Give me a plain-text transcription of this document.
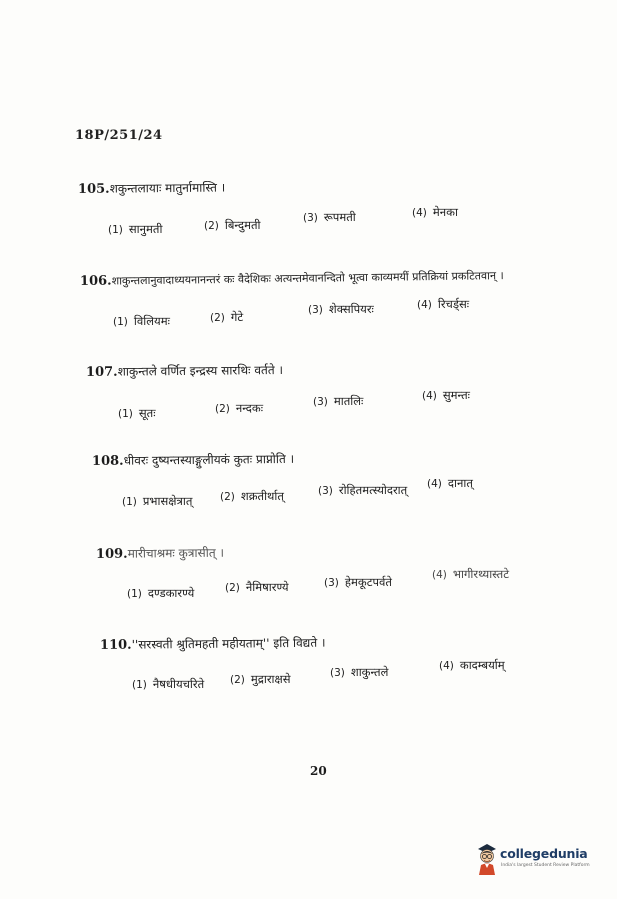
18P/251/24
105.शकुन्तलायाः मातुर्नामास्ति ।
(1) सानुमती	(2) बिन्दुमती	(3) रूपमती	(4) मेनका
106.शाकुन्तलानुवादाध्ययनानन्तरं कः वैदेशिकः अत्यन्तमेवानन्दितो भूत्वा काव्यमयीं प्रतिक्रियां प्रकटितवान् ।
(1) विलियमः	(2) गेटे	(3) शेक्सपियरः	(4) रिचर्ड्सः
107.शाकुन्तले वर्णित इन्द्रस्य सारथिः वर्तते ।
(1) सूतः	(2) नन्दकः	(3) मातलिः	(4) सुमन्तः
108.धीवरः दुष्यन्तस्याङ्गुलीयकं कुतः प्राप्नोति ।
(1) प्रभासक्षेत्रात्	(2) शक्रतीर्थात्	(3) रोहितमत्स्योदरात् (4) दानात्
109.मारीचाश्रमः कुत्रासीत् ।
(1) दण्डकारण्ये	(2) नैमिषारण्ये	(3) हेमकूटपर्वते	(4) भागीरथ्यास्तटे
110.''सरस्वती श्रुतिमहती महीयताम्'' इति विद्यते ।
(1) नैषधीयचरिते (2) मुद्राराक्षसे	(3) शाकुन्तले	(4) कादम्बर्याम्
20
collegedunia
India's largest Student Review Platform
